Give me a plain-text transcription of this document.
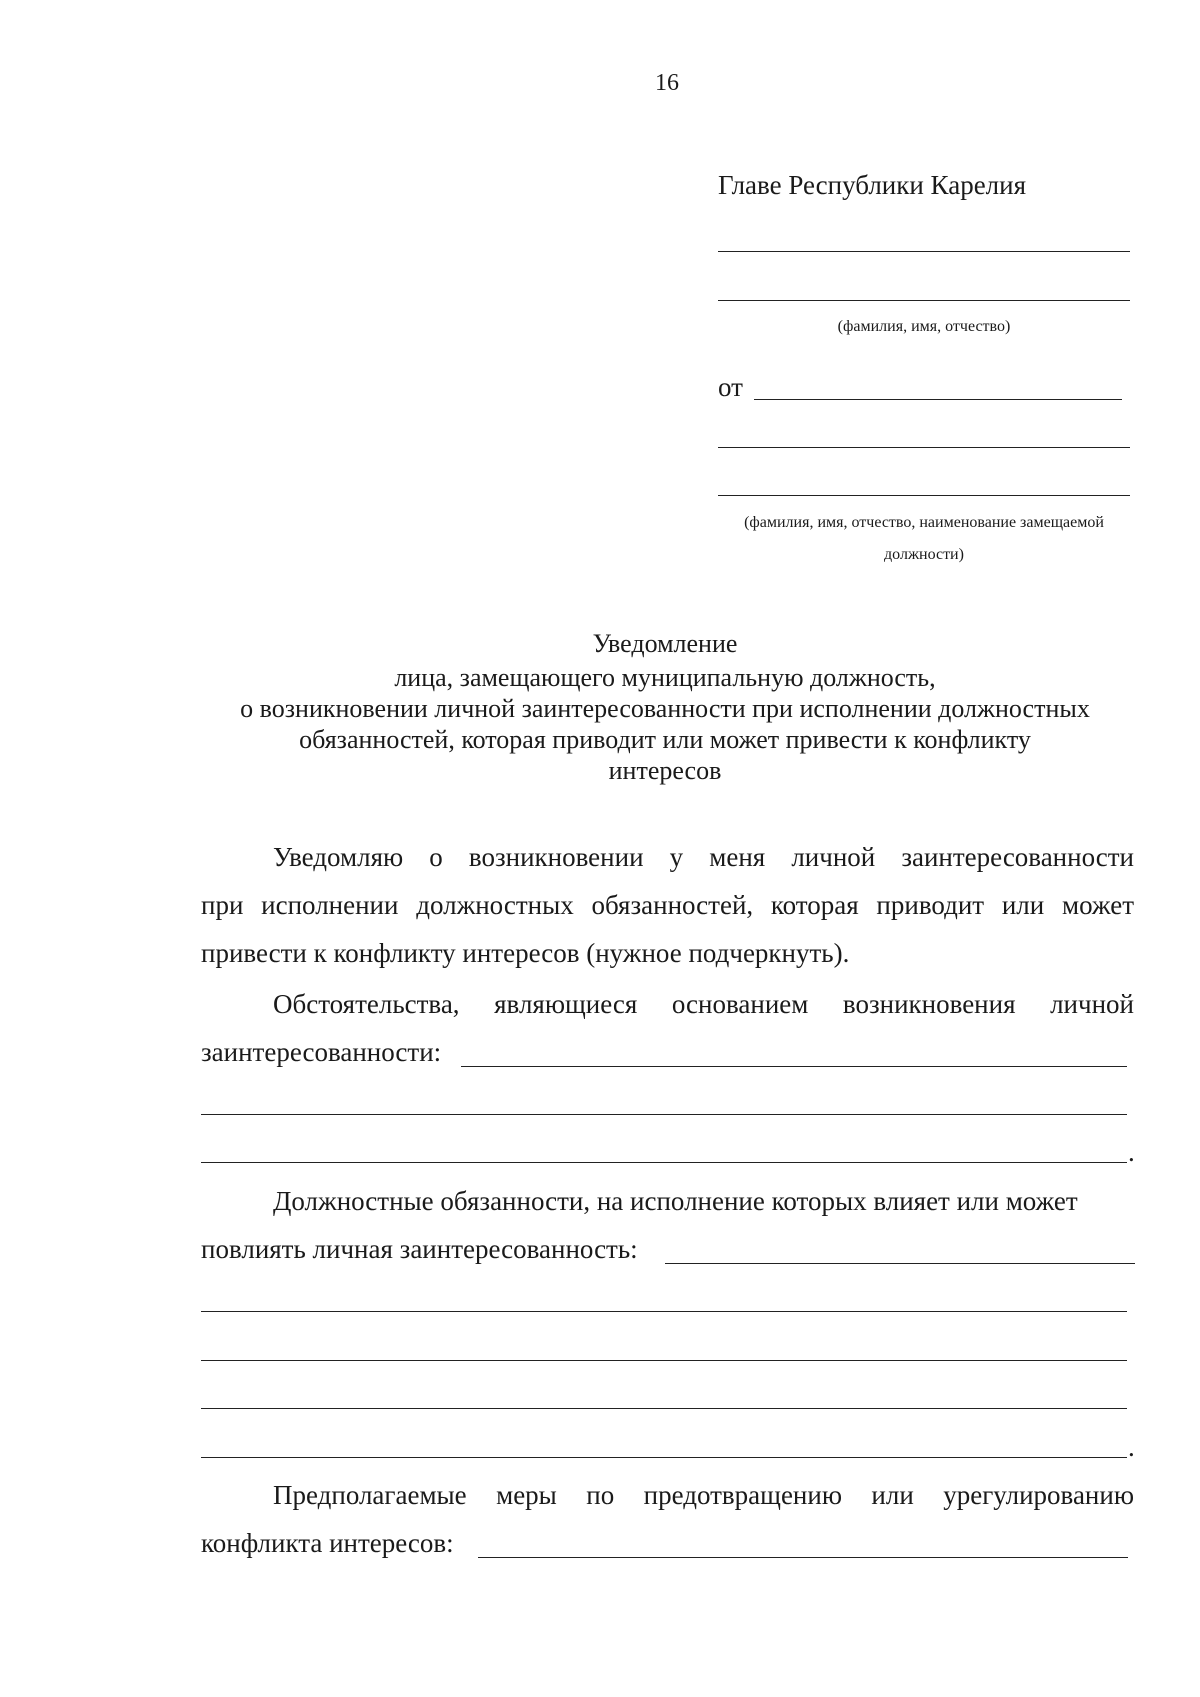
16
Главе Республики Карелия
(фамилия, имя, отчество)
от
(фамилия, имя, отчество, наименование замещаемой
должности)
Уведомление
лица, замещающего муниципальную должность,
о возникновении личной заинтересованности при исполнении должностных
обязанностей, которая приводит или может привести к конфликту
интересов
Уведомляю о возникновении у меня личной заинтересованности
при исполнении должностных обязанностей, которая приводит или может
привести к конфликту интересов (нужное подчеркнуть).
Обстоятельства, являющиеся основанием возникновения личной
заинтересованности:
.
Должностные обязанности, на исполнение которых влияет или может
повлиять личная заинтересованность:
.
Предполагаемые меры по предотвращению или урегулированию
конфликта интересов:
